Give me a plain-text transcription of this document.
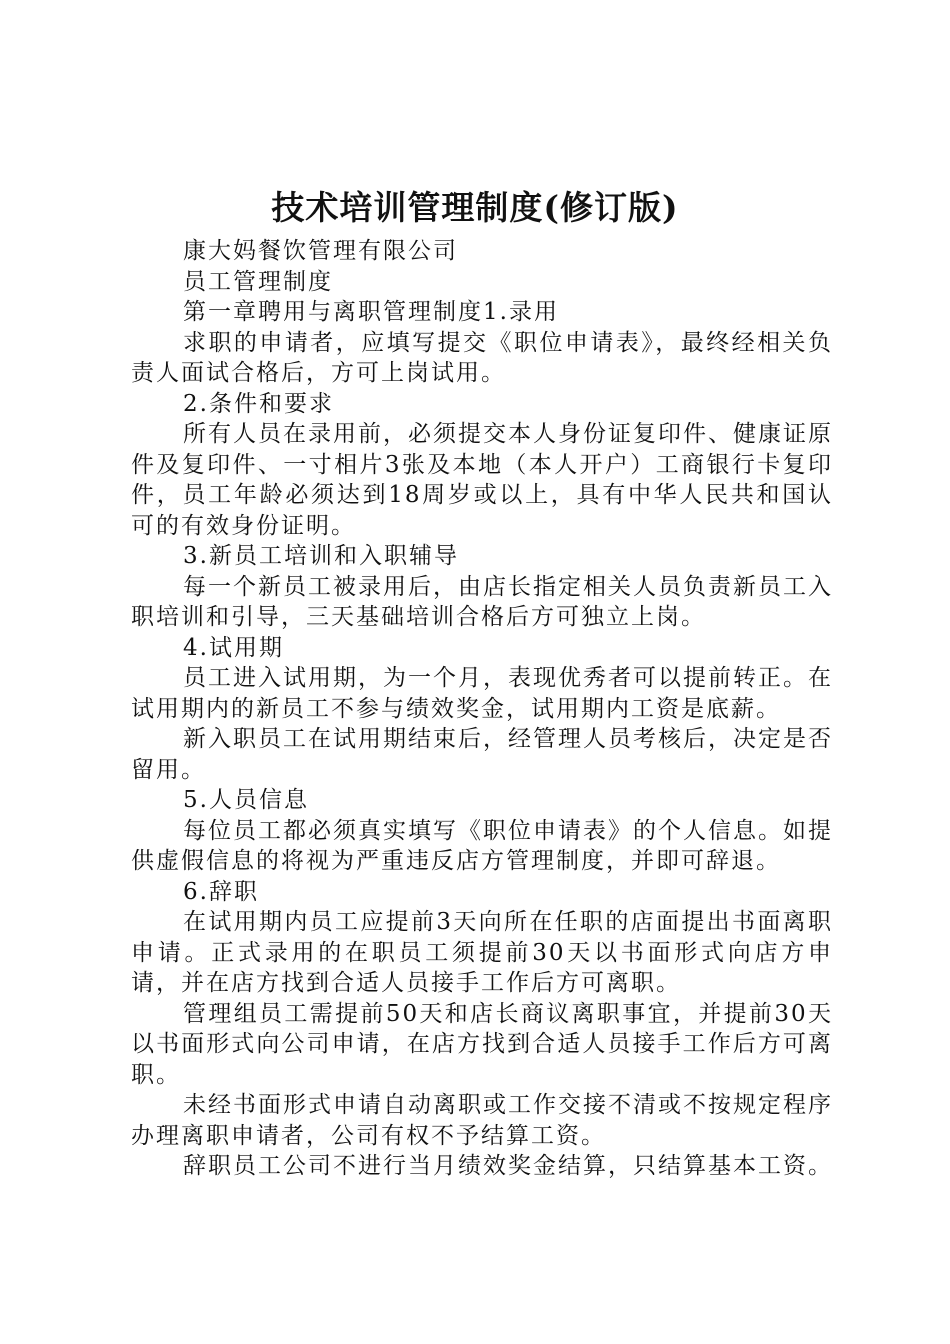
技术培训管理制度(修订版)

康大妈餐饮管理有限公司

员工管理制度

第一章聘用与离职管理制度1.录用

求职的申请者，应填写提交《职位申请表》，最终经相关负责人面试合格后，方可上岗试用。

2.条件和要求

所有人员在录用前，必须提交本人身份证复印件、健康证原件及复印件、一寸相片3张及本地（本人开户）工商银行卡复印件，员工年龄必须达到18周岁或以上，具有中华人民共和国认可的有效身份证明。

3.新员工培训和入职辅导

每一个新员工被录用后，由店长指定相关人员负责新员工入职培训和引导，三天基础培训合格后方可独立上岗。

4.试用期

员工进入试用期，为一个月，表现优秀者可以提前转正。在试用期内的新员工不参与绩效奖金，试用期内工资是底薪。

新入职员工在试用期结束后，经管理人员考核后，决定是否留用。

5.人员信息

每位员工都必须真实填写《职位申请表》的个人信息。如提供虚假信息的将视为严重违反店方管理制度，并即可辞退。

6.辞职

在试用期内员工应提前3天向所在任职的店面提出书面离职申请。正式录用的在职员工须提前30天以书面形式向店方申请，并在店方找到合适人员接手工作后方可离职。

管理组员工需提前50天和店长商议离职事宜，并提前30天以书面形式向公司申请，在店方找到合适人员接手工作后方可离职。

未经书面形式申请自动离职或工作交接不清或不按规定程序办理离职申请者，公司有权不予结算工资。

辞职员工公司不进行当月绩效奖金结算，只结算基本工资。
